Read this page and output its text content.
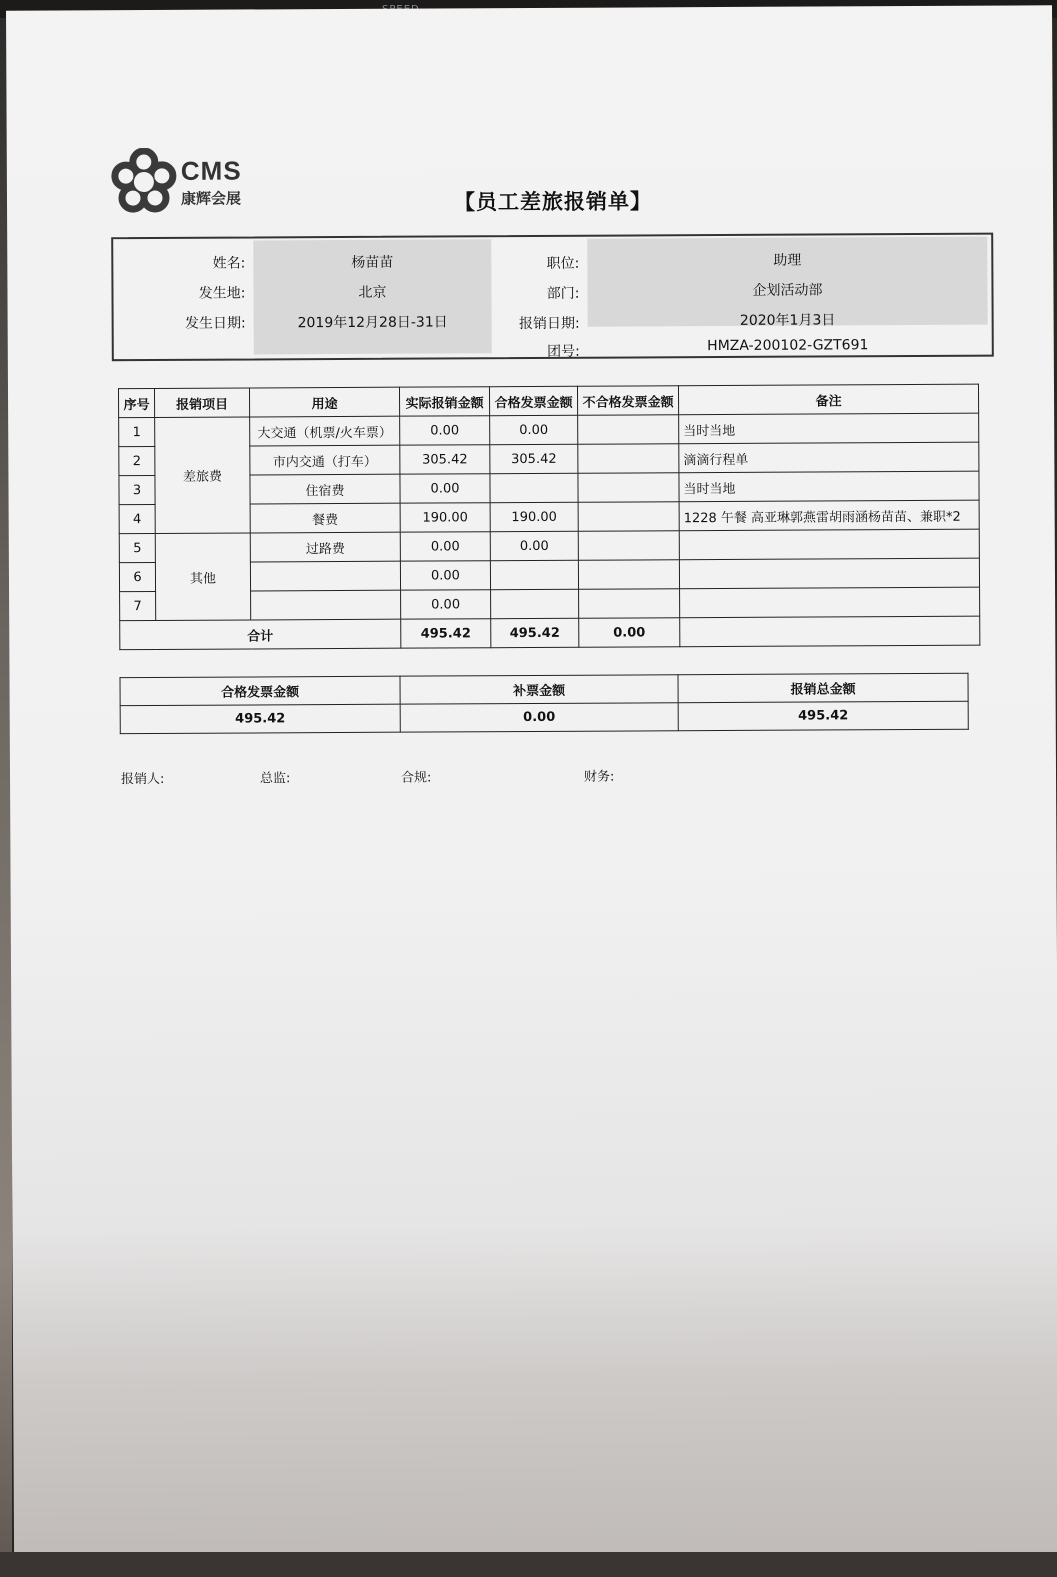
CMS
康辉会展	【员工差旅报销单】
姓名:	杨苗苗
发生地:	北京
发生日期:	2019年12月28日-31日
职位:	助理
部门:	企划活动部
报销日期:	2020年1月3日
团号:	HMZA-200102-GZT691
序号	报销项目	用途	实际报销金额	合格发票金额	不合格发票金额	备注
1	差旅费	大交通（机票/火车票）	0.00	0.00		当时当地
2		市内交通（打车）	305.42	305.42		滴滴行程单
3		住宿费	0.00			当时当地
4		餐费	190.00	190.00		1228 午餐 高亚琳郭燕雷胡雨涵杨苗苗、兼职*2
5	其他	过路费	0.00	0.00		
6			0.00			
7			0.00			
合计			495.42	495.42	0.00	
合格发票金额	补票金额	报销总金额
495.42	0.00	495.42
报销人:	总监:	合规:	财务:
